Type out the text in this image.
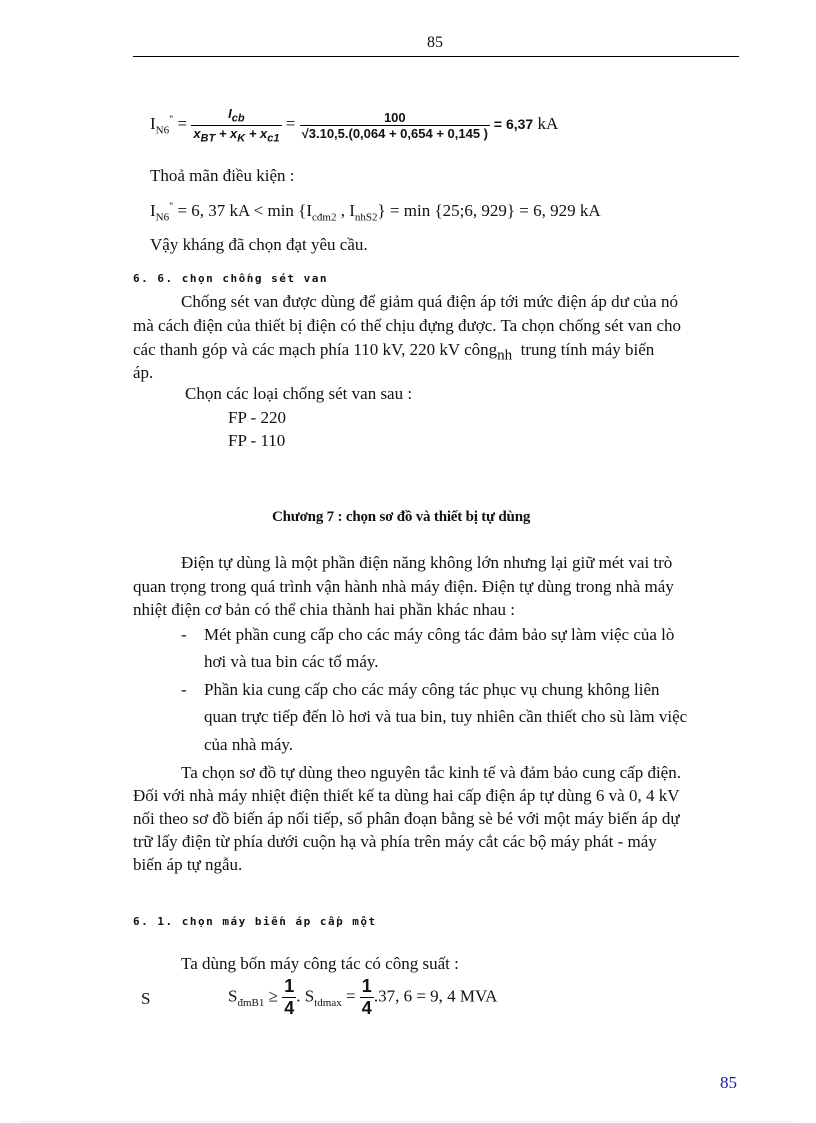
85
$I_{N6}^" = \frac{I_{cb}}{x_{BT} + x_K + x_{c1}} = \frac{100}{√3.10,5.(0,064 + 0,654 + 0,145 )} = 6,37$ kA
Thoả mãn điều kiện :
$I_{N6}^" = 6$, 37 kA < $\min \{I_{cđm2}$ , $I_{nhS2}\} = \min$ {25;6, 929} = 6, 929 kA
Vậy kháng đã chọn đạt yêu cầu.
6. 6. chọn chống sét van
Chống sét van được dùng để giảm quá điện áp tới mức điện áp dư của nó
mà cách điện của thiết bị điện có thể chịu đựng được. Ta chọn chống sét van cho
các thanh góp và các mạch phía 110 kV, 220 kV công$_{nh}$ trung tính máy biến
áp.
Chọn các loại chống sét van sau :
FP - 220
FP - 110
Chương 7 : chọn sơ đồ và thiết bị tự dùng
Điện tự dùng là một phần điện năng không lớn nhưng lại giữ mét vai trò
quan trọng trong quá trình vận hành nhà máy điện. Điện tự dùng trong nhà máy
nhiệt điện cơ bản có thể chia thành hai phần khác nhau :
- Mét phần cung cấp cho các máy công tác đảm bảo sự làm việc của lò
hơi và tua bin các tổ máy.
- Phần kia cung cấp cho các máy công tác phục vụ chung không liên
quan trực tiếp đến lò hơi và tua bin, tuy nhiên cần thiết cho sù làm việc
của nhà máy.
Ta chọn sơ đồ tự dùng theo nguyên tắc kinh tế và đảm bảo cung cấp điện.
Đối với nhà máy nhiệt điện thiết kế ta dùng hai cấp điện áp tự dùng 6 và 0, 4 kV
nối theo sơ đồ biến áp nối tiếp, số phân đoạn bằng sè bé với một máy biến áp dự
trữ lấy điện từ phía dưới cuộn hạ và phía trên máy cắt các bộ máy phát - máy
biến áp tự ngẫu.
6. 1. chọn máy biến áp cấp một
Ta dùng bốn máy công tác có công suất :
S	$S_{đmB1} \ge \frac{1}{4}$ . $S_{tdmax} = \frac{1}{4} .37$, 6 = 9, 4 MVA
85
